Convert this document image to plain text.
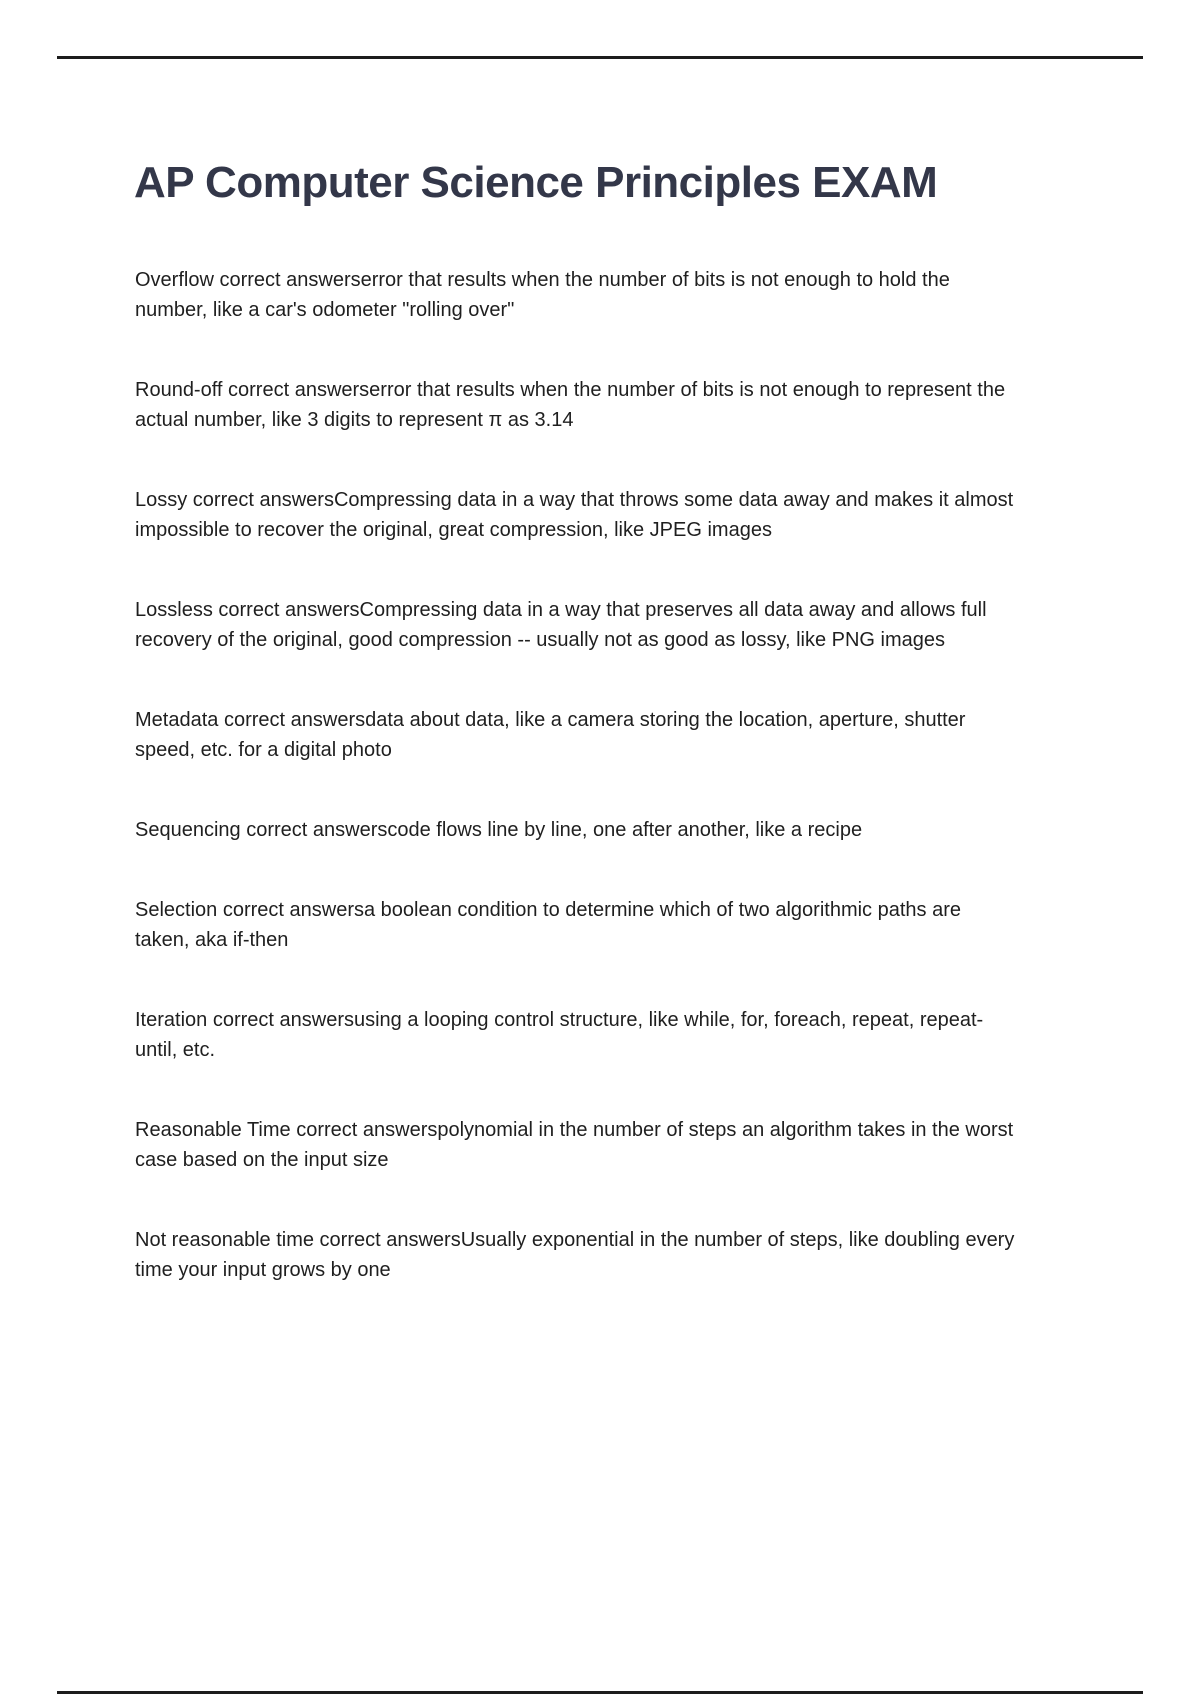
AP Computer Science Principles EXAM

Overflow correct answerserror that results when the number of bits is not enough to hold the number, like a car's odometer "rolling over"

Round-off correct answerserror that results when the number of bits is not enough to represent the actual number, like 3 digits to represent π as 3.14

Lossy correct answersCompressing data in a way that throws some data away and makes it almost impossible to recover the original, great compression, like JPEG images

Lossless correct answersCompressing data in a way that preserves all data away and allows full recovery of the original, good compression -- usually not as good as lossy, like PNG images

Metadata correct answersdata about data, like a camera storing the location, aperture, shutter speed, etc. for a digital photo

Sequencing correct answerscode flows line by line, one after another, like a recipe

Selection correct answersa boolean condition to determine which of two algorithmic paths are taken, aka if-then

Iteration correct answersusing a looping control structure, like while, for, foreach, repeat, repeat-until, etc.

Reasonable Time correct answerspolynomial in the number of steps an algorithm takes in the worst case based on the input size

Not reasonable time correct answersUsually exponential in the number of steps, like doubling every time your input grows by one
